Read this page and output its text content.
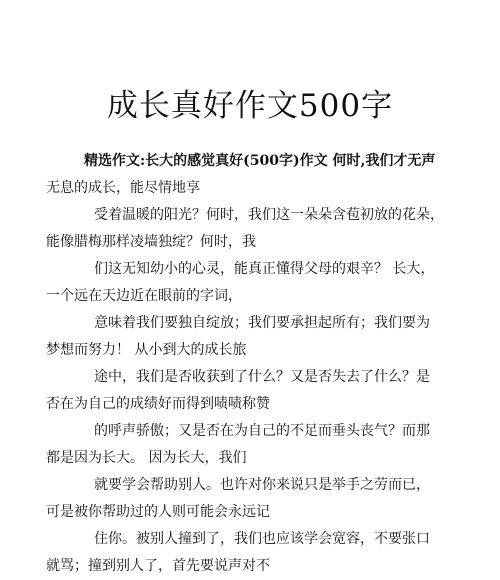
成长真好作文500字
精选作文:长大的感觉真好(500字)作文 何时,我们才无声
无息的成长，能尽情地享
受着温暖的阳光？何时，我们这一朵朵含苞初放的花朵，
能像腊梅那样凌墙独绽？何时，我
们这无知幼小的心灵，能真正懂得父母的艰辛？ 长大，
一个远在天边近在眼前的字词，
意味着我们要独自绽放；我们要承担起所有；我们要为
梦想而努力！ 从小到大的成长旅
途中，我们是否收获到了什么？又是否失去了什么？是
否在为自己的成绩好而得到啧啧称赞
的呼声骄傲；又是否在为自己的不足而垂头丧气？而那
都是因为长大。 因为长大，我们
就要学会帮助别人。也许对你来说只是举手之劳而已，
可是被你帮助过的人则可能会永远记
住你。被别人撞到了，我们也应该学会宽容，不要张口
就骂；撞到别人了，首先要说声对不
